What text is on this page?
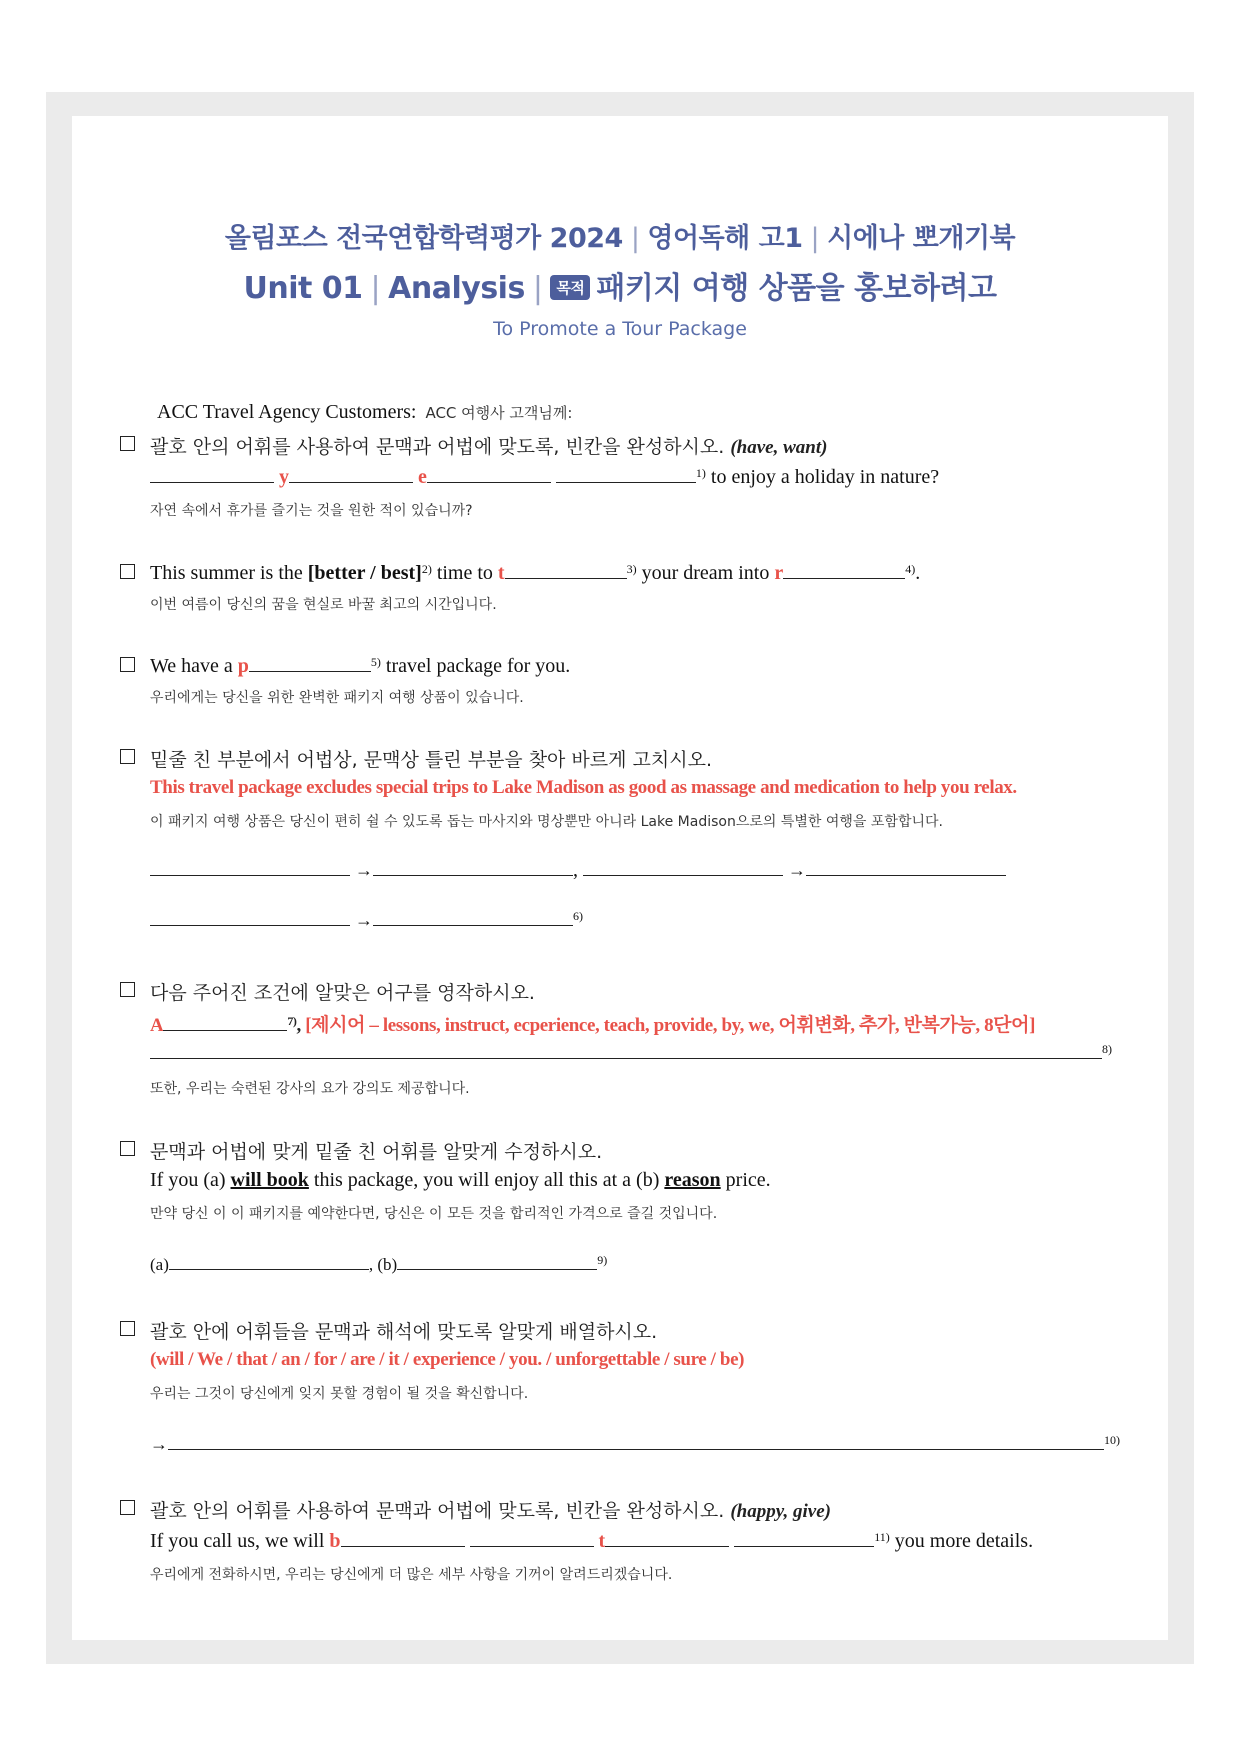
올림포스 전국연합학력평가 2024 | 영어독해 고1 | 시에나 뽀개기북
Unit 01 | Analysis | 목적 패키지 여행 상품을 홍보하려고
To Promote a Tour Package
ACC Travel Agency Customers: ACC 여행사 고객님께:
괄호 안의 어휘를 사용하여 문맥과 어법에 맞도록, 빈칸을 완성하시오. (have, want)
y	e	$^{1)}$ to enjoy a holiday in nature?
자연 속에서 휴가를 즐기는 것을 원한 적이 있습니까?
This summer is the [better / best]$^{2)}$ time to t	$^{3)}$ your dream into r	$^{4)}$.
이번 여름이 당신의 꿈을 현실로 바꿀 최고의 시간입니다.
We have a p	$^{5)}$ travel package for you.
우리에게는 당신을 위한 완벽한 패키지 여행 상품이 있습니다.
밑줄 친 부분에서 어법상, 문맥상 틀린 부분을 찾아 바르게 고치시오.
This travel package excludes special trips to Lake Madison as good as massage and medication to help you relax.
이 패키지 여행 상품은 당신이 편히 쉴 수 있도록 돕는 마사지와 명상뿐만 아니라 Lake Madison으로의 특별한 여행을 포함합니다.
→	,	→
→	$^{6)}$
다음 주어진 조건에 알맞은 어구를 영작하시오.
A	$^{7)}$, [제시어 – lessons, instruct, ecperience, teach, provide, by, we, 어휘변화, 추가, 반복가능, 8단어]
$^{8)}$
또한, 우리는 숙련된 강사의 요가 강의도 제공합니다.
문맥과 어법에 맞게 밑줄 친 어휘를 알맞게 수정하시오.
If you (a) will book this package, you will enjoy all this at a (b) reason price.
만약 당신 이 이 패키지를 예약한다면, 당신은 이 모든 것을 합리적인 가격으로 즐길 것입니다.
(a)	, (b)	$^{9)}$
괄호 안에 어휘들을 문맥과 해석에 맞도록 알맞게 배열하시오.
(will / We / that / an / for / are / it / experience / you. / unforgettable / sure / be)
우리는 그것이 당신에게 잊지 못할 경험이 될 것을 확신합니다.
→	$^{10)}$
괄호 안의 어휘를 사용하여 문맥과 어법에 맞도록, 빈칸을 완성하시오. (happy, give)
If you call us, we will b	t	$^{11)}$ you more details.
우리에게 전화하시면, 우리는 당신에게 더 많은 세부 사항을 기꺼이 알려드리겠습니다.
